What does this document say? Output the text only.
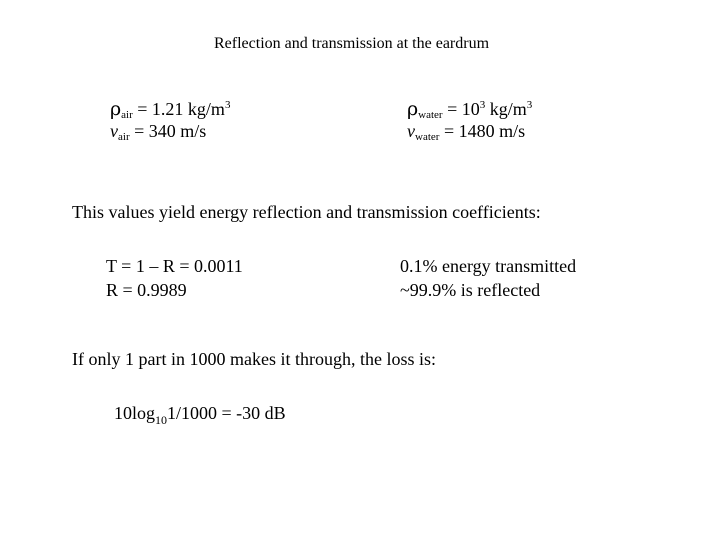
Reflection and transmission at the eardrum
$\rho_{air} = 1.21$ $kg/m^3$
$v_{air} = 340$ m/s
$\rho_{water} = 10^3$ $kg/m^3$
$v_{water} = 1480$ m/s
This values yield energy reflection and transmission coefficients:
T = 1 – R = 0.0011
R = 0.9989
0.1% energy transmitted
~99.9% is reflected
If only 1 part in 1000 makes it through, the loss is:
$10\log_{10}1/1000 = -30$ dB
